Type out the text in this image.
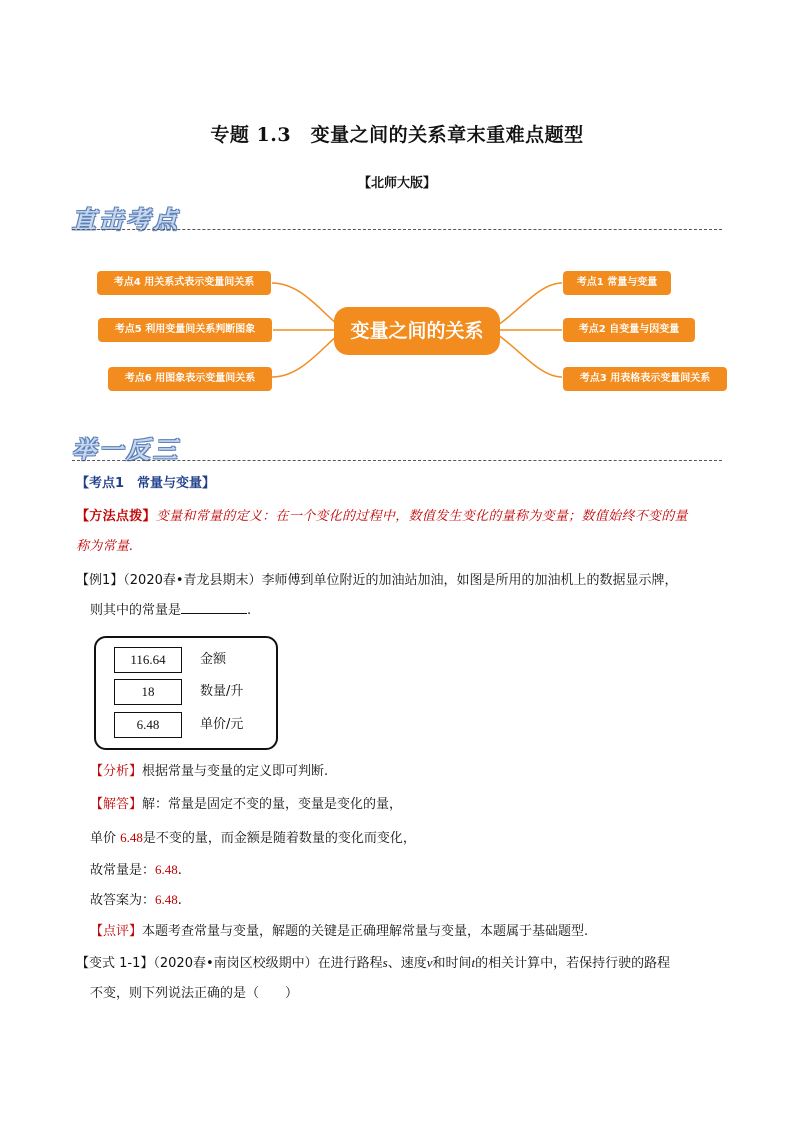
专题 1.3　变量之间的关系章末重难点题型
【北师大版】
直击考点
考点4 用关系式表示变量间关系
考点5 利用变量间关系判断图象
考点6 用图象表示变量间关系
变量之间的关系
考点1 常量与变量
考点2 自变量与因变量
考点3 用表格表示变量间关系
举一反三
【考点1　常量与变量】
【方法点拨】变量和常量的定义：在一个变化的过程中，数值发生变化的量称为变量；数值始终不变的量
称为常量.
【例1】（2020春•青龙县期末）李师傅到单位附近的加油站加油，如图是所用的加油机上的数据显示牌，
则其中的常量是	.
116.64	金额
18	数量/升
6.48	单价/元
【分析】根据常量与变量的定义即可判断.
【解答】解：常量是固定不变的量，变量是变化的量，
单价 6.48是不变的量，而金额是随着数量的变化而变化，
故常量是：6.48.
故答案为：6.48.
【点评】本题考查常量与变量，解题的关键是正确理解常量与变量，本题属于基础题型.
【变式 1-1】（2020春•南岗区校级期中）在进行路程s、速度v和时间t的相关计算中，若保持行驶的路程
不变，则下列说法正确的是（　　）
